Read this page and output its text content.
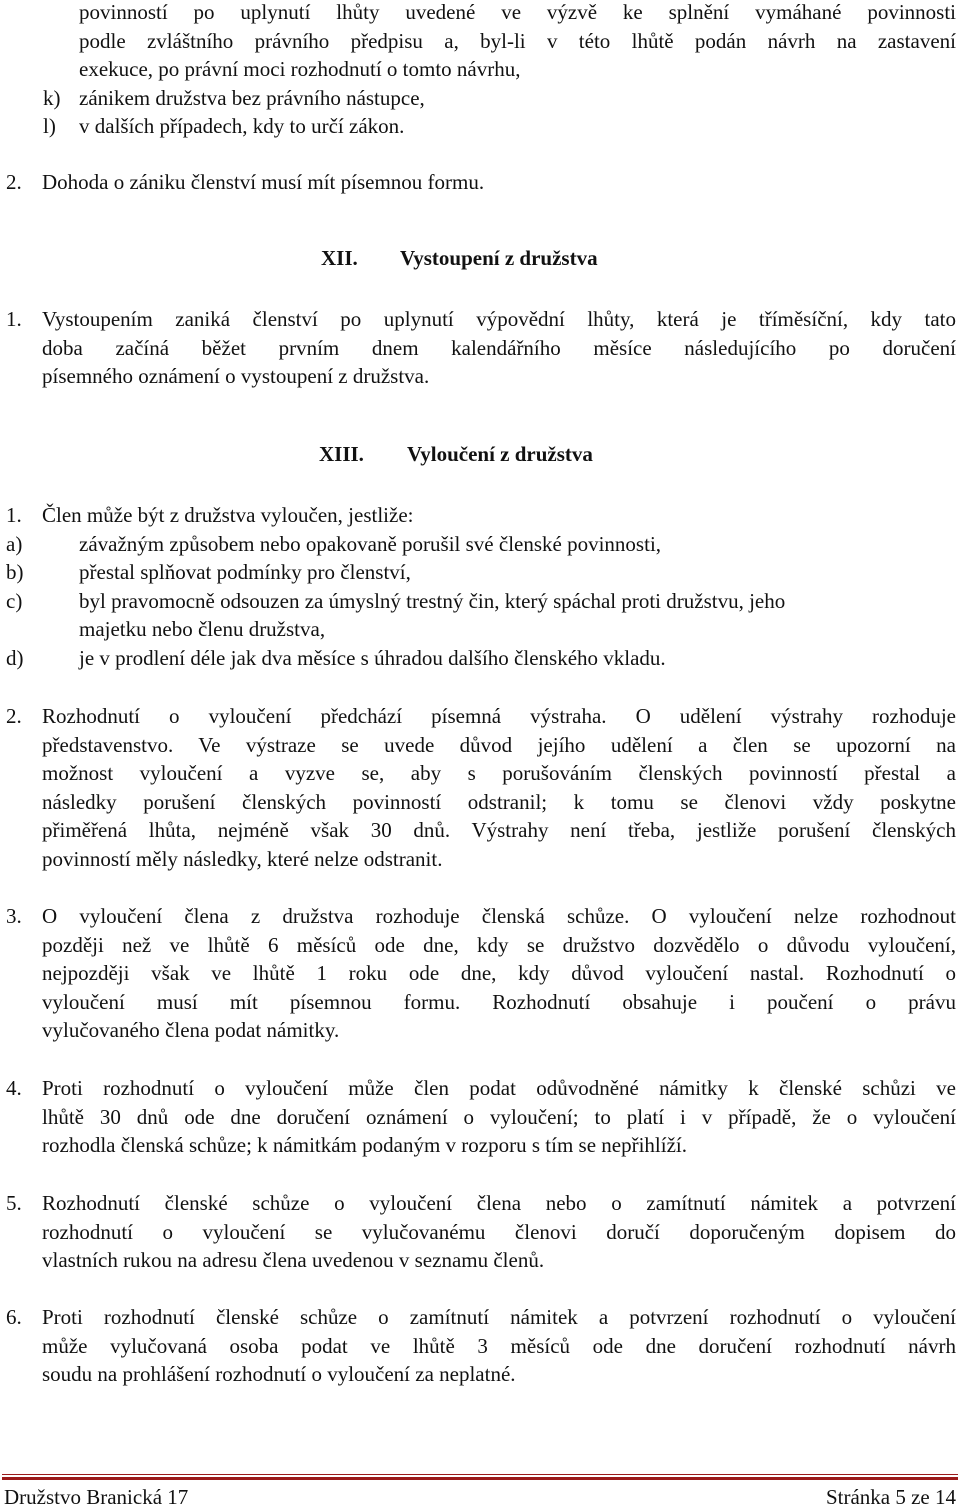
povinností po uplynutí lhůty uvedené ve výzvě ke splnění vymáhané povinnosti
podle zvláštního právního předpisu a, byl-li v této lhůtě podán návrh na zastavení
exekuce, po právní moci rozhodnutí o tomto návrhu,
k) zánikem družstva bez právního nástupce,
l) v dalších případech, kdy to určí zákon.
2. Dohoda o zániku členství musí mít písemnou formu.
XII. Vystoupení z družstva
1. Vystoupením zaniká členství po uplynutí výpovědní lhůty, která je tříměsíční, kdy tato
doba začíná běžet prvním dnem kalendářního měsíce následujícího po doručení
písemného oznámení o vystoupení z družstva.
XIII. Vyloučení z družstva
1. Člen může být z družstva vyloučen, jestliže:
a)	závažným způsobem nebo opakovaně porušil své členské povinnosti,
b)	přestal splňovat podmínky pro členství,
c)	byl pravomocně odsouzen za úmyslný trestný čin, který spáchal proti družstvu, jeho
majetku nebo členu družstva,
d)	je v prodlení déle jak dva měsíce s úhradou dalšího členského vkladu.
2. Rozhodnutí o vyloučení předchází písemná výstraha. O udělení výstrahy rozhoduje
představenstvo. Ve výstraze se uvede důvod jejího udělení a člen se upozorní na
možnost vyloučení a vyzve se, aby s porušováním členských povinností přestal a
následky porušení členských povinností odstranil; k tomu se členovi vždy poskytne
přiměřená lhůta, nejméně však 30 dnů. Výstrahy není třeba, jestliže porušení členských
povinností měly následky, které nelze odstranit.
3. O vyloučení člena z družstva rozhoduje členská schůze. O vyloučení nelze rozhodnout
později než ve lhůtě 6 měsíců ode dne, kdy se družstvo dozvědělo o důvodu vyloučení,
nejpozději však ve lhůtě 1 roku ode dne, kdy důvod vyloučení nastal. Rozhodnutí o
vyloučení musí mít písemnou formu. Rozhodnutí obsahuje i poučení o právu
vylučovaného člena podat námitky.
4. Proti rozhodnutí o vyloučení může člen podat odůvodněné námitky k členské schůzi ve
lhůtě 30 dnů ode dne doručení oznámení o vyloučení; to platí i v případě, že o vyloučení
rozhodla členská schůze; k námitkám podaným v rozporu s tím se nepřihlíží.
5. Rozhodnutí členské schůze o vyloučení člena nebo o zamítnutí námitek a potvrzení
rozhodnutí o vyloučení se vylučovanému členovi doručí doporučeným dopisem do
vlastních rukou na adresu člena uvedenou v seznamu členů.
6. Proti rozhodnutí členské schůze o zamítnutí námitek a potvrzení rozhodnutí o vyloučení
může vylučovaná osoba podat ve lhůtě 3 měsíců ode dne doručení rozhodnutí návrh
soudu na prohlášení rozhodnutí o vyloučení za neplatné.
Družstvo Branická 17	Stránka 5 ze 14
